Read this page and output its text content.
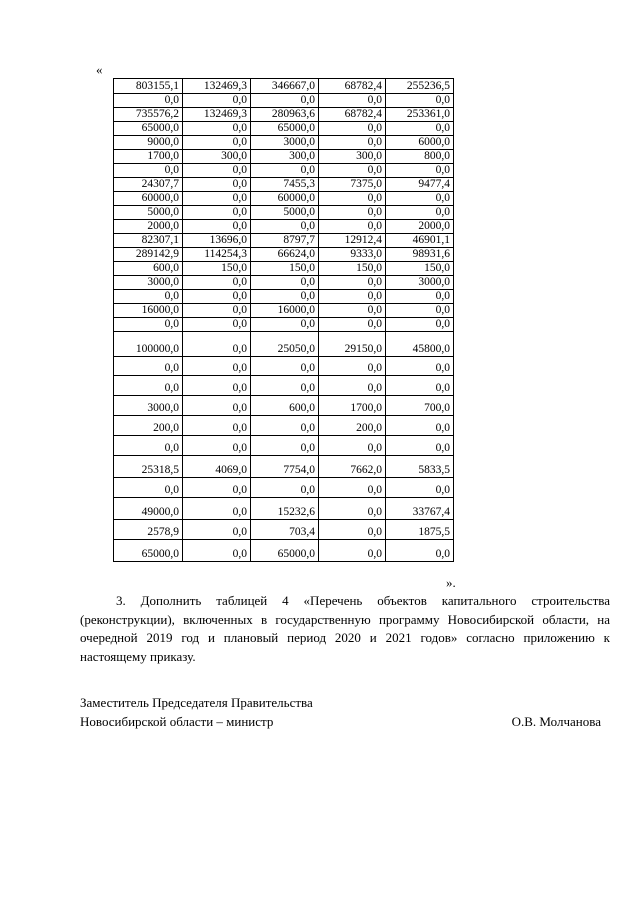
«
803155,1	132469,3	346667,0	68782,4	255236,5
0,0	0,0	0,0	0,0	0,0
735576,2	132469,3	280963,6	68782,4	253361,0
65000,0	0,0	65000,0	0,0	0,0
9000,0	0,0	3000,0	0,0	6000,0
1700,0	300,0	300,0	300,0	800,0
0,0	0,0	0,0	0,0	0,0
24307,7	0,0	7455,3	7375,0	9477,4
60000,0	0,0	60000,0	0,0	0,0
5000,0	0,0	5000,0	0,0	0,0
2000,0	0,0	0,0	0,0	2000,0
82307,1	13696,0	8797,7	12912,4	46901,1
289142,9	114254,3	66624,0	9333,0	98931,6
600,0	150,0	150,0	150,0	150,0
3000,0	0,0	0,0	0,0	3000,0
0,0	0,0	0,0	0,0	0,0
16000,0	0,0	16000,0	0,0	0,0
0,0	0,0	0,0	0,0	0,0
100000,0	0,0	25050,0	29150,0	45800,0
0,0	0,0	0,0	0,0	0,0
0,0	0,0	0,0	0,0	0,0
3000,0	0,0	600,0	1700,0	700,0
200,0	0,0	0,0	200,0	0,0
0,0	0,0	0,0	0,0	0,0
25318,5	4069,0	7754,0	7662,0	5833,5
0,0	0,0	0,0	0,0	0,0
49000,0	0,0	15232,6	0,0	33767,4
2578,9	0,0	703,4	0,0	1875,5
65000,0	0,0	65000,0	0,0	0,0
».

3. Дополнить таблицей 4 «Перечень объектов капитального строительства (реконструкции), включенных в государственную программу Новосибирской области, на очередной 2019 год и плановый период 2020 и 2021 годов» согласно приложению к настоящему приказу.

Заместитель Председателя Правительства
Новосибирской области – министр	О.В. Молчанова
